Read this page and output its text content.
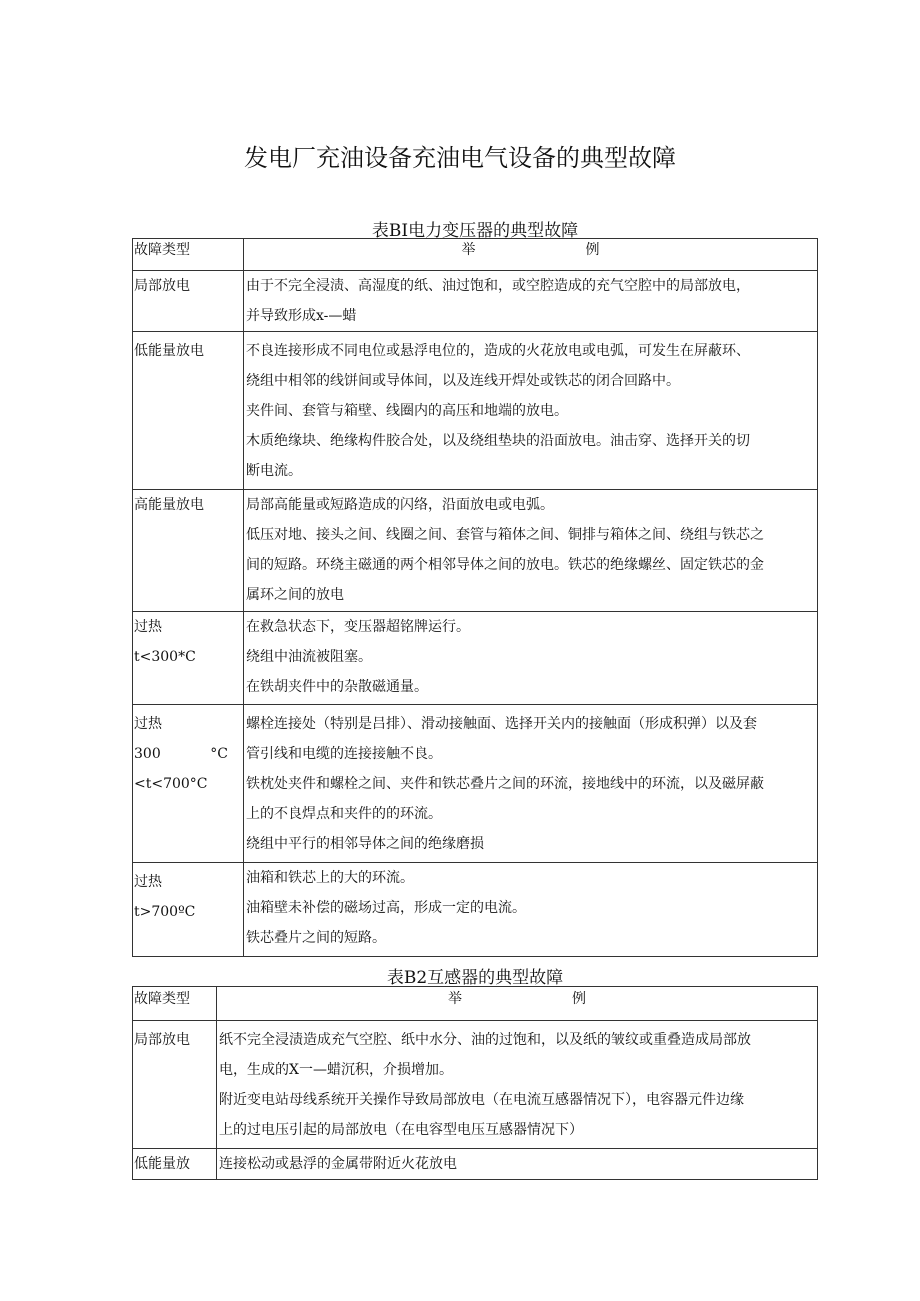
发电厂充油设备充油电气设备的典型故障
表BI电力变压器的典型故障
故障类型	举例

局部放电	由于不完全浸渍、高湿度的纸、油过饱和，或空腔造成的充气空腔中的局部放电，
并导致形成x-—蜡

低能量放电	不良连接形成不同电位或悬浮电位的，造成的火花放电或电弧，可发生在屏蔽环、
绕组中相邻的线饼间或导体间，以及连线开焊处或铁芯的闭合回路中。
夹件间、套管与箱壁、线圈内的高压和地端的放电。
木质绝缘块、绝缘构件胶合处，以及绕组垫块的沿面放电。油击穿、选择开关的切
断电流。

高能量放电	局部高能量或短路造成的闪络，沿面放电或电弧。
低压对地、接头之间、线圈之间、套管与箱体之间、铜排与箱体之间、绕组与铁芯之
间的短路。环绕主磁通的两个相邻导体之间的放电。铁芯的绝缘螺丝、固定铁芯的金
属环之间的放电

过热
t<300*C	在救急状态下，变压器超铭牌运行。
绕组中油流被阻塞。
在铁胡夹件中的杂散磁通量。

过热
300 °C
<t<700°C	螺栓连接处（特别是吕排）、滑动接触面、选择开关内的接触面（形成积弹）以及套
管引线和电缆的连接接触不良。
铁枕处夹件和螺栓之间、夹件和铁芯叠片之间的环流，接地线中的环流，以及磁屏蔽
上的不良焊点和夹件的的环流。
绕组中平行的相邻导体之间的绝缘磨损

过热
t>700ºC	油箱和铁芯上的大的环流。
油箱壁未补偿的磁场过高，形成一定的电流。
铁芯叠片之间的短路。
表B2互感器的典型故障
故障类型	举例

局部放电	纸不完全浸渍造成充气空腔、纸中水分、油的过饱和，以及纸的皱纹或重叠造成局部放
电，生成的X一—蜡沉积，介损增加。
附近变电站母线系统开关操作导致局部放电（在电流互感器情况下），电容器元件边缘
上的过电压引起的局部放电（在电容型电压互感器情况下）

低能量放	连接松动或悬浮的金属带附近火花放电
